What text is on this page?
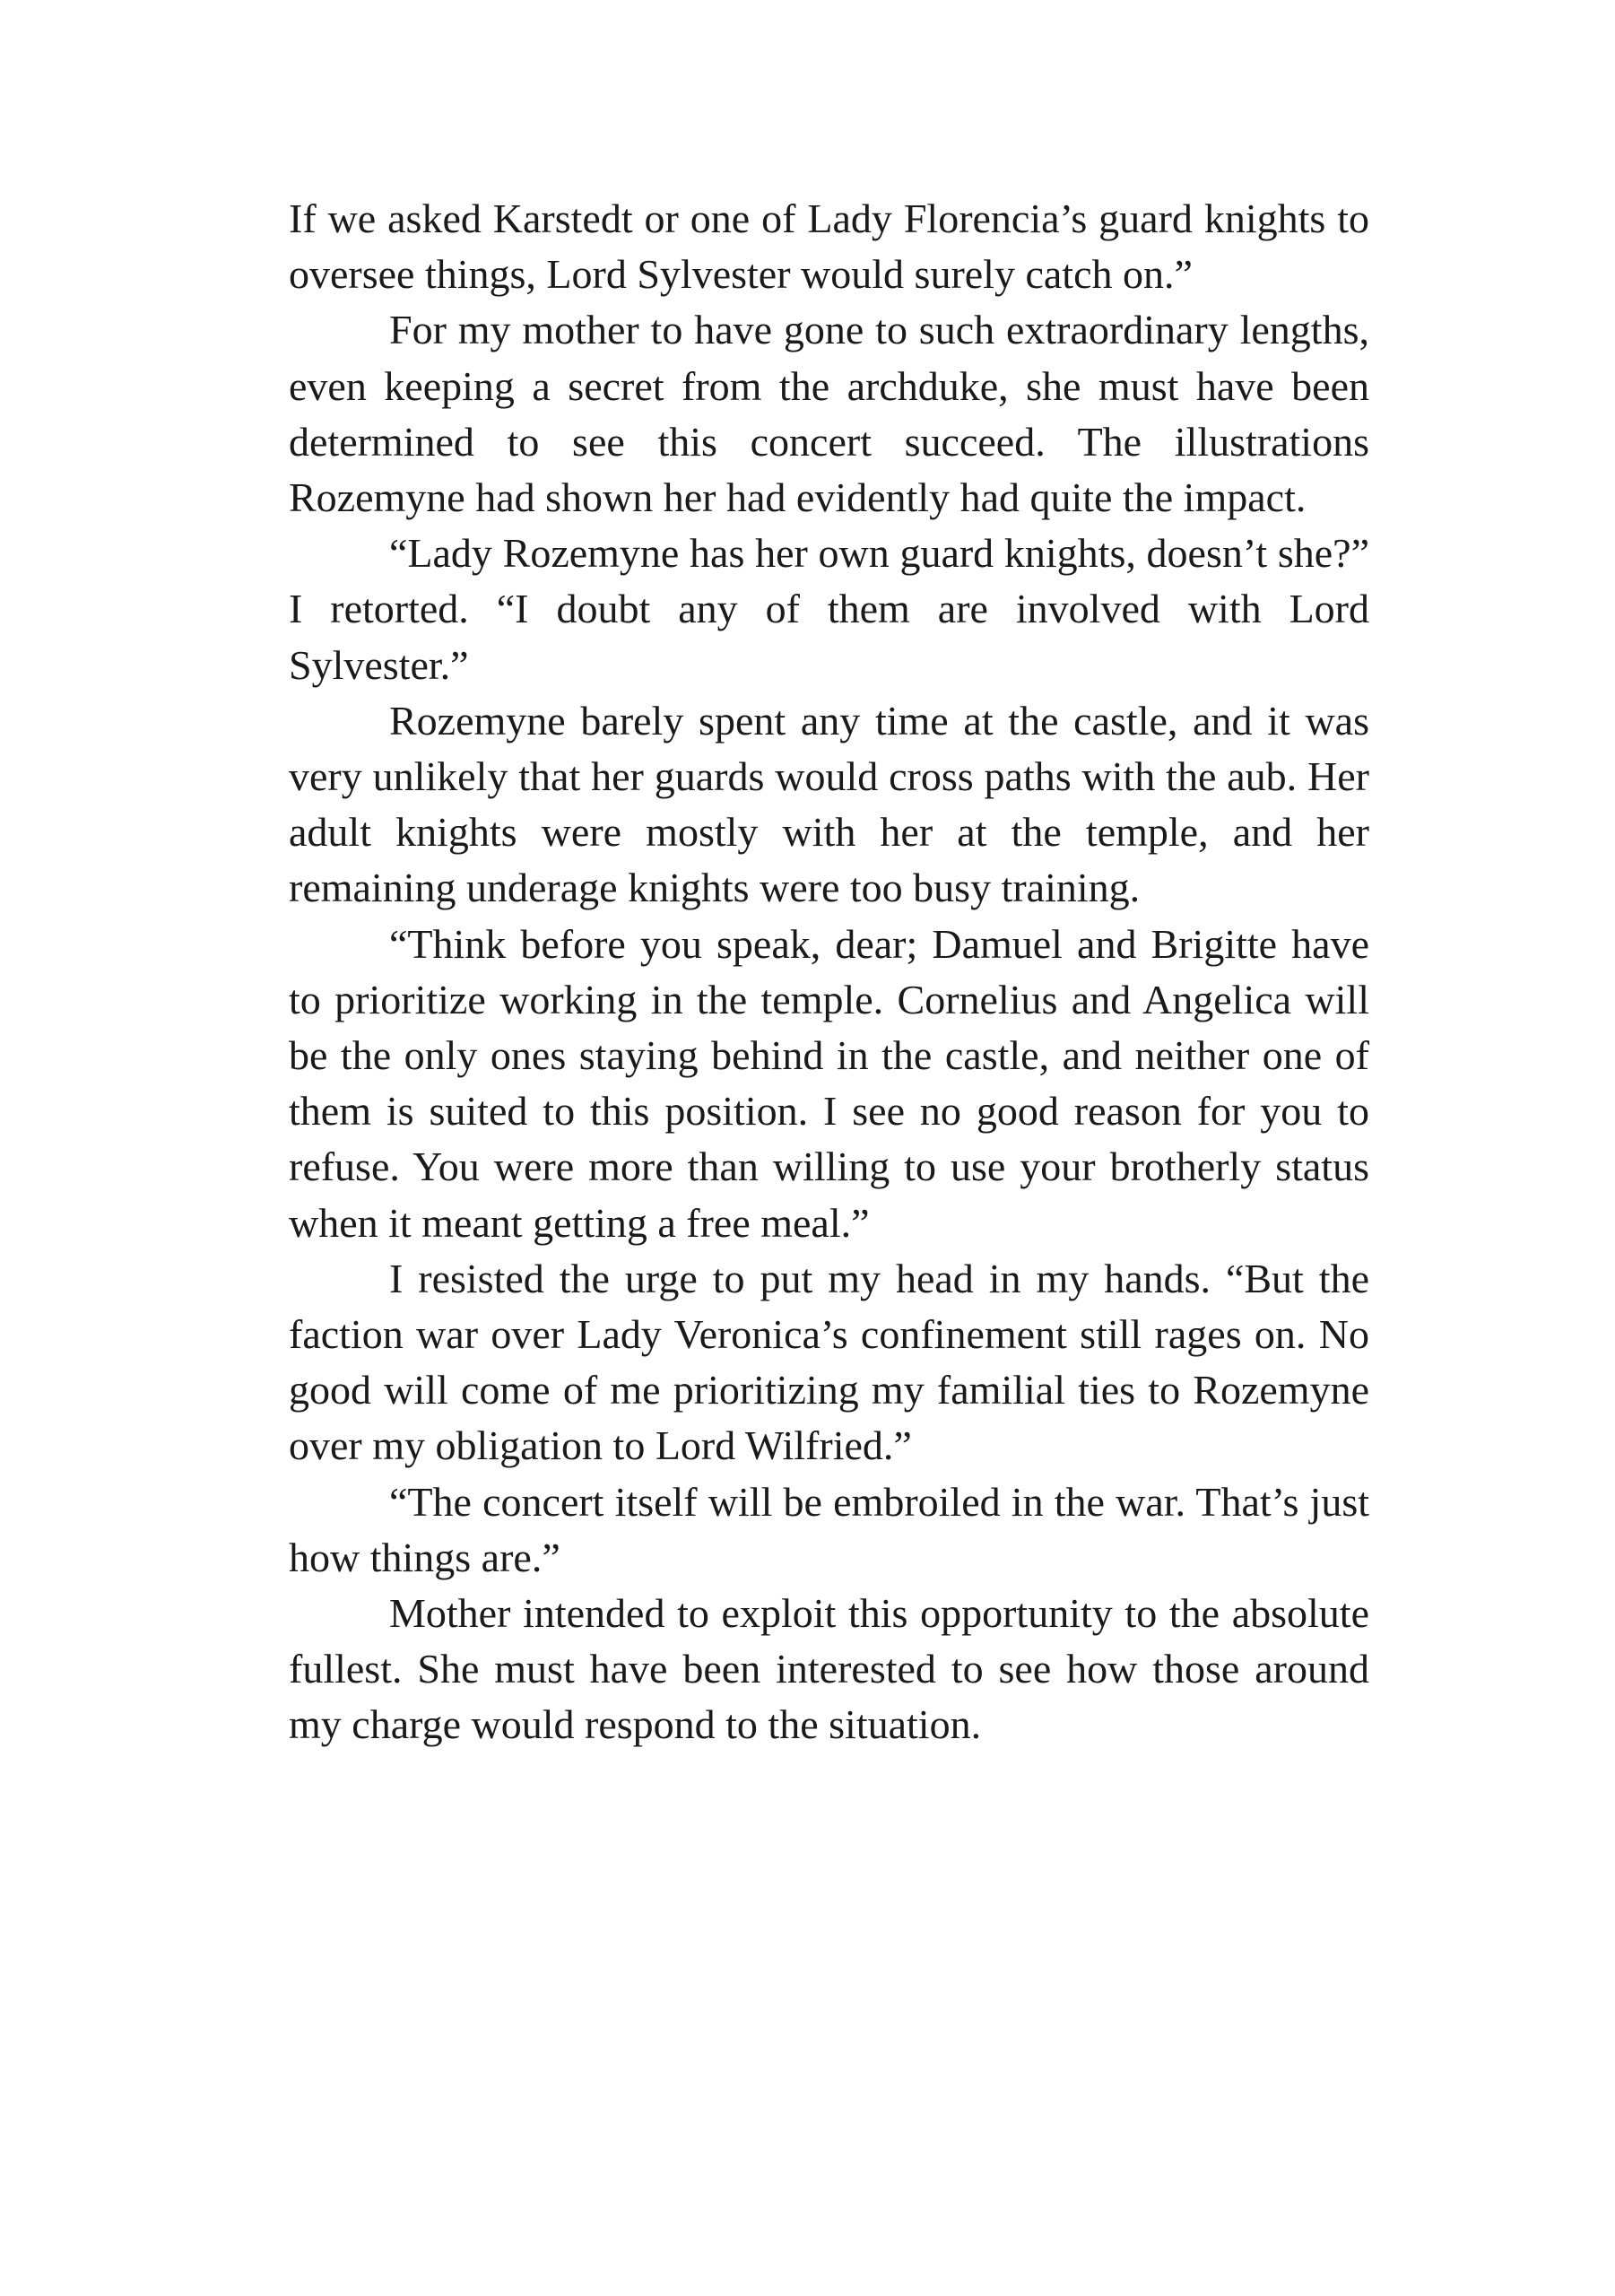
If we asked Karstedt or one of Lady Florencia’s guard knights to oversee things, Lord Sylvester would surely catch on.”

For my mother to have gone to such extraordinary lengths, even keeping a secret from the archduke, she must have been determined to see this concert succeed. The illustrations Rozemyne had shown her had evidently had quite the impact.

“Lady Rozemyne has her own guard knights, doesn’t she?” I retorted. “I doubt any of them are involved with Lord Sylvester.”

Rozemyne barely spent any time at the castle, and it was very unlikely that her guards would cross paths with the aub. Her adult knights were mostly with her at the temple, and her remaining underage knights were too busy training.

“Think before you speak, dear; Damuel and Brigitte have to prioritize working in the temple. Cornelius and Angelica will be the only ones staying behind in the castle, and neither one of them is suited to this position. I see no good reason for you to refuse. You were more than willing to use your brotherly status when it meant getting a free meal.”

I resisted the urge to put my head in my hands. “But the faction war over Lady Veronica’s confinement still rages on. No good will come of me prioritizing my familial ties to Rozemyne over my obligation to Lord Wilfried.”

“The concert itself will be embroiled in the war. That’s just how things are.”

Mother intended to exploit this opportunity to the absolute fullest. She must have been interested to see how those around my charge would respond to the situation.
